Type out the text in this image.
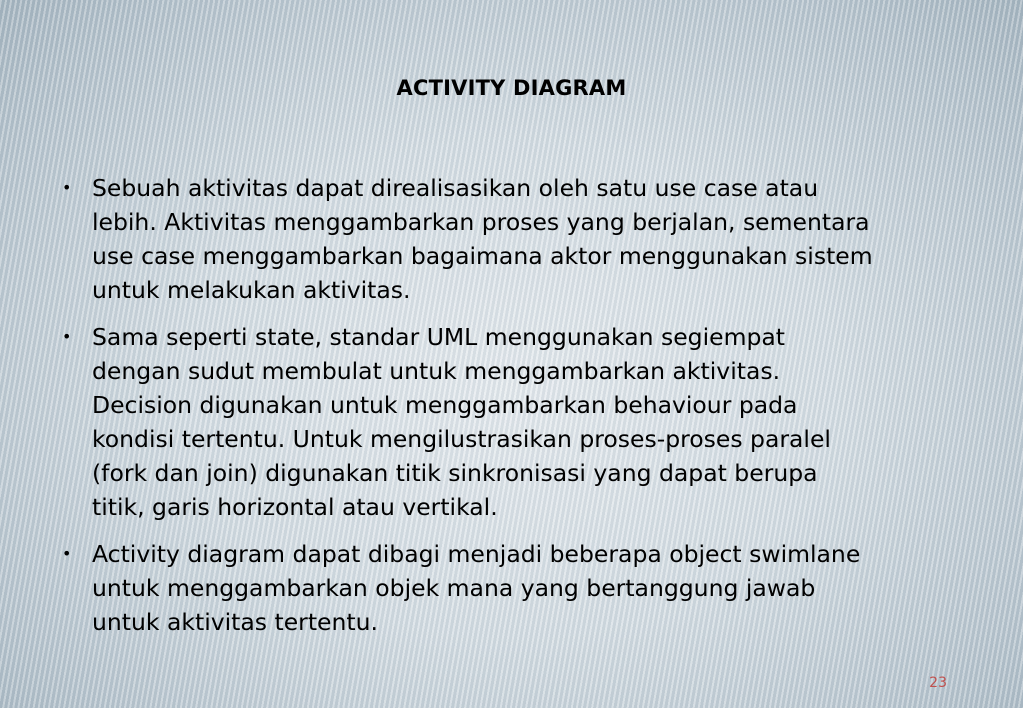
ACTIVITY DIAGRAM
• Sebuah aktivitas dapat direalisasikan oleh satu use case atau
lebih. Aktivitas menggambarkan proses yang berjalan, sementara
use case menggambarkan bagaimana aktor menggunakan sistem
untuk melakukan aktivitas.
• Sama seperti state, standar UML menggunakan segiempat
dengan sudut membulat untuk menggambarkan aktivitas.
Decision digunakan untuk menggambarkan behaviour pada
kondisi tertentu. Untuk mengilustrasikan proses-proses paralel
(fork dan join) digunakan titik sinkronisasi yang dapat berupa
titik, garis horizontal atau vertikal.
• Activity diagram dapat dibagi menjadi beberapa object swimlane
untuk menggambarkan objek mana yang bertanggung jawab
untuk aktivitas tertentu.
23
